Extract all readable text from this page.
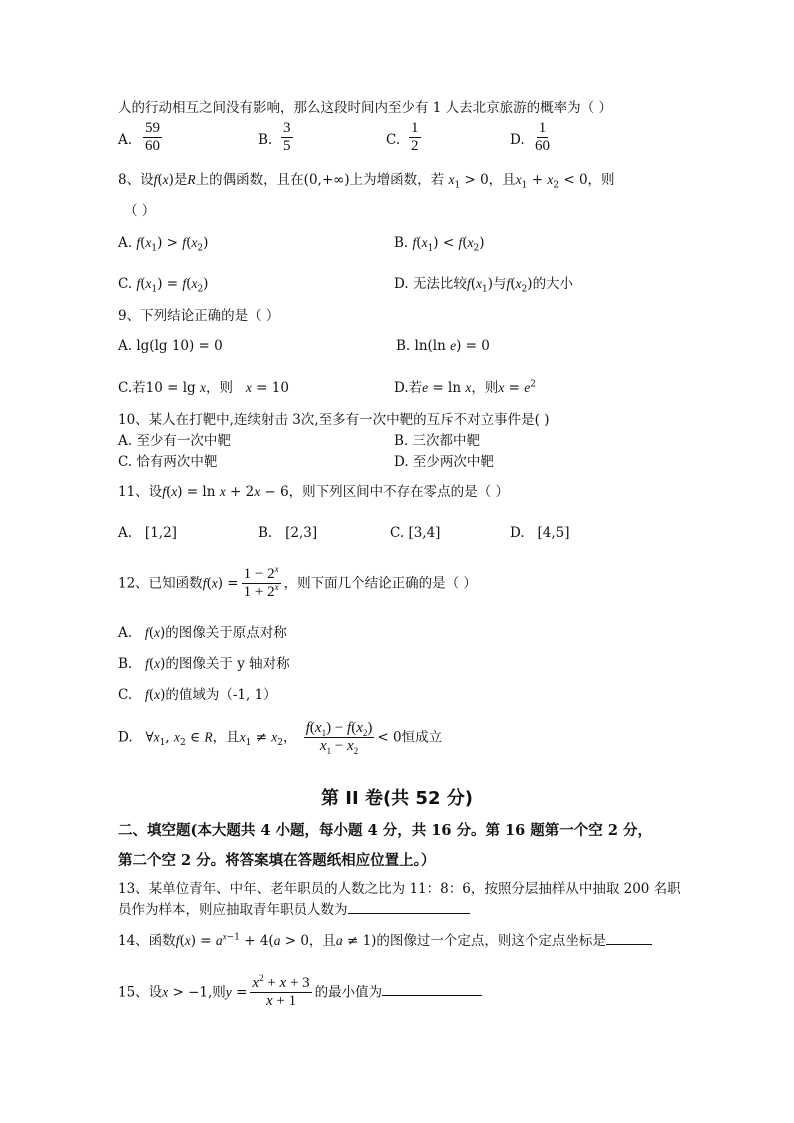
人的行动相互之间没有影响，那么这段时间内至少有 1 人去北京旅游的概率为（ ）
A. $\frac{59}{60}$	B. $\frac{3}{5}$	C. $\frac{1}{2}$	D. $\frac{1}{60}$
8、设f(x)是R上的偶函数，且在(0,+∞)上为增函数，若 $x_1 > 0$，且$x_1 + x_2 < 0$，则
（ ）
A. $f(x_1) > f(x_2)$	B. $f(x_1) < f(x_2)$
C. $f(x_1) = f(x_2)$	D. 无法比较$f(x_1)$与$f(x_2)$的大小
9、下列结论正确的是（ ）
A. lg(lg 10) = 0	B. ln(ln e) = 0
C.若10 = lg x，则 x = 10	D.若e = ln x，则$x = e^2$
10、某人在打靶中,连续射击 3次,至多有一次中靶的互斥不对立事件是( )
A. 至少有一次中靶	B. 三次都中靶
C. 恰有两次中靶	D. 至少两次中靶
11、设f(x) = ln x + 2x − 6，则下列区间中不存在零点的是（ ）
A. [1,2]	B. [2,3]	C. [3,4]	D. [4,5]
12、已知函数$f(x) = \frac{1 - 2^x}{1 + 2^x}$ ，则下面几个结论正确的是（ ）
A. f(x)的图像关于原点对称
B. f(x)的图像关于 y 轴对称
C. f(x)的值域为（-1, 1）
D.   $\forall x_1$, $x_2$ ∈ R，且$x_1 \ne x_2$， $\frac{f(x_1) - f(x_2)}{x_1 - x_2} < 0$恒成立
第 II 卷(共 52 分)
二、填空题(本大题共 4 小题，每小题 4 分，共 16 分。第 16 题第一个空 2 分，
第二个空 2 分。将答案填在答题纸相应位置上。）
13、某单位青年、中年、老年职员的人数之比为 11：8：6，按照分层抽样从中抽取 200 名职
员作为样本，则应抽取青年职员人数为
14、函数$f(x) = a^{x-1} + 4(a > 0$，且a ≠ 1)的图像过一个定点，则这个定点坐标是
15、设x > −1,则$y = \frac{x^2 + x + 3}{x + 1}$ 的最小值为
